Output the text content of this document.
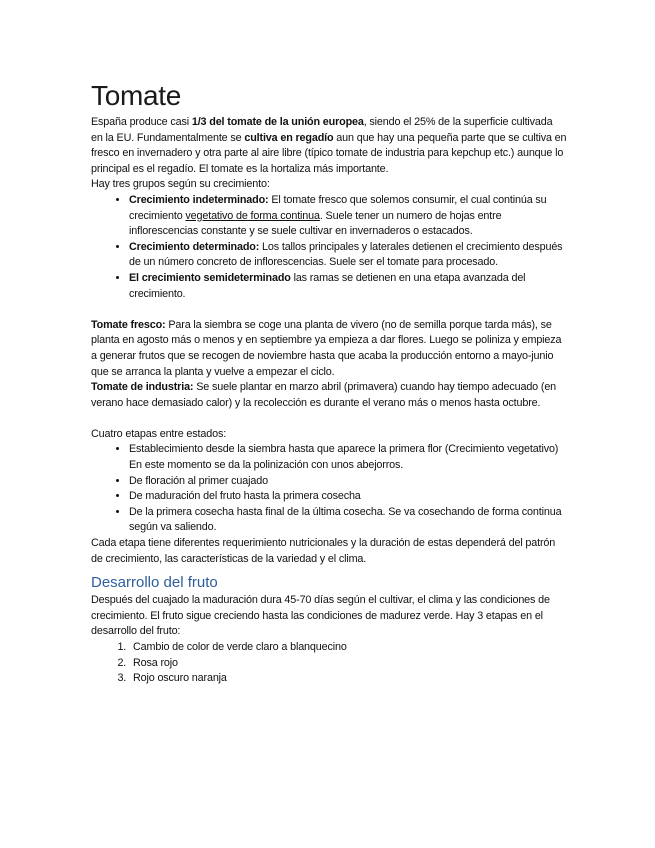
Tomate

España produce casi 1/3 del tomate de la unión europea, siendo el 25% de la superficie cultivada en la EU. Fundamentalmente se cultiva en regadío aun que hay una pequeña parte que se cultiva en fresco en invernadero y otra parte al aire libre (típico tomate de industria para kepchup etc.) aunque lo principal es el regadío. El tomate es la hortaliza más importante.

Hay tres grupos según su crecimiento:

• Crecimiento indeterminado: El tomate fresco que solemos consumir, el cual continúa su crecimiento vegetativo de forma continua. Suele tener un numero de hojas entre inflorescencias constante y se suele cultivar en invernaderos o estacados.
• Crecimiento determinado: Los tallos principales y laterales detienen el crecimiento después de un número concreto de inflorescencias. Suele ser el tomate para procesado.
• El crecimiento semideterminado las ramas se detienen en una etapa avanzada del crecimiento.

Tomate fresco: Para la siembra se coge una planta de vivero (no de semilla porque tarda más), se planta en agosto más o menos y en septiembre ya empieza a dar flores. Luego se poliniza y empieza a generar frutos que se recogen de noviembre hasta que acaba la producción entorno a mayo-junio que se arranca la planta y vuelve a empezar el ciclo.

Tomate de industria: Se suele plantar en marzo abril (primavera) cuando hay tiempo adecuado (en verano hace demasiado calor) y la recolección es durante el verano más o menos hasta octubre.

Cuatro etapas entre estados:

• Establecimiento desde la siembra hasta que aparece la primera flor (Crecimiento vegetativo) En este momento se da la polinización con unos abejorros.
• De floración al primer cuajado
• De maduración del fruto hasta la primera cosecha
• De la primera cosecha hasta final de la última cosecha. Se va cosechando de forma continua según va saliendo.

Cada etapa tiene diferentes requerimiento nutricionales y la duración de estas dependerá del patrón de crecimiento, las características de la variedad y el clima.

Desarrollo del fruto

Después del cuajado la maduración dura 45-70 días según el cultivar, el clima y las condiciones de crecimiento. El fruto sigue creciendo hasta las condiciones de madurez verde. Hay 3 etapas en el desarrollo del fruto:

1. Cambio de color de verde claro a blanquecino
2. Rosa rojo
3. Rojo oscuro naranja
